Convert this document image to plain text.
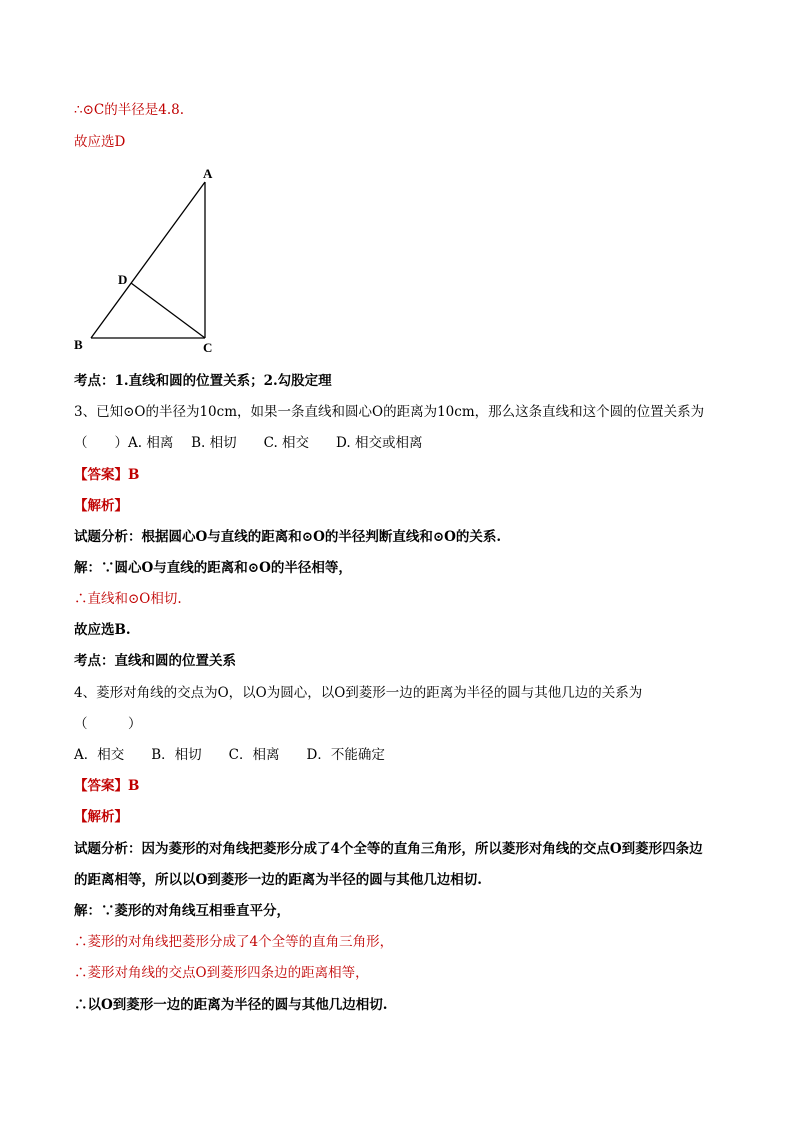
∴⊙C的半径是4.8.
故应选D
A
B	C
D
考点：1.直线和圆的位置关系；2.勾股定理
3、已知⊙O的半径为10cm，如果一条直线和圆心O的距离为10cm，那么这条直线和这个圆的位置关系为
（　　）A. 相离　 B. 相切　　C. 相交　　D. 相交或相离
【答案】B
【解析】
试题分析：根据圆心O与直线的距离和⊙O的半径判断直线和⊙O的关系.
解：∵圆心O与直线的距离和⊙O的半径相等，
∴直线和⊙O相切.
故应选B.
考点：直线和圆的位置关系
4、菱形对角线的交点为O，以O为圆心，以O到菱形一边的距离为半径的圆与其他几边的关系为
（　　　）
A．相交　　B．相切　　C．相离　　D．不能确定
【答案】B
【解析】
试题分析：因为菱形的对角线把菱形分成了4个全等的直角三角形，所以菱形对角线的交点O到菱形四条边
的距离相等，所以以O到菱形一边的距离为半径的圆与其他几边相切.
解：∵菱形的对角线互相垂直平分，
∴菱形的对角线把菱形分成了4个全等的直角三角形，
∴菱形对角线的交点O到菱形四条边的距离相等，
∴以O到菱形一边的距离为半径的圆与其他几边相切.
